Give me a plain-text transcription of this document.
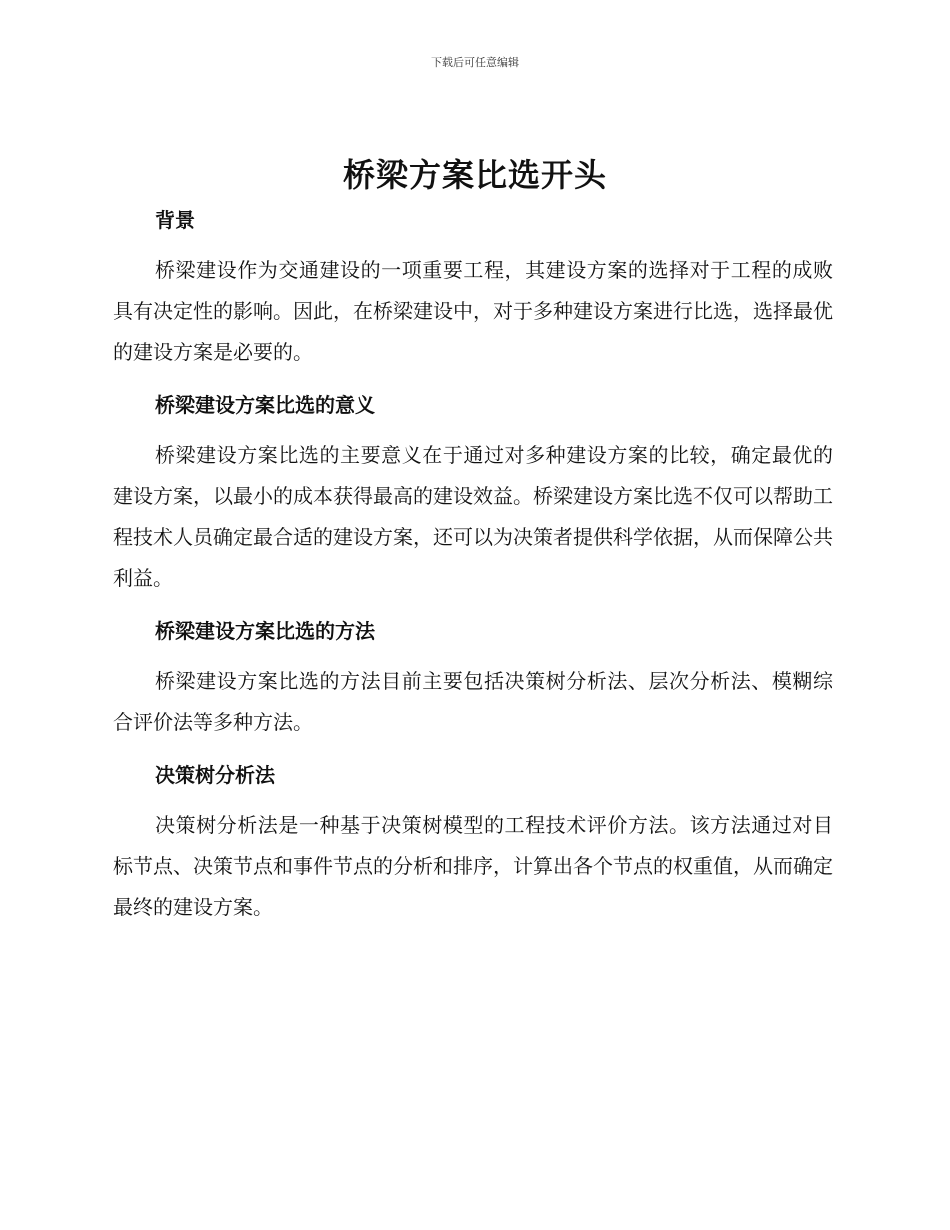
下载后可任意编辑
桥梁方案比选开头
背景

桥梁建设作为交通建设的一项重要工程，其建设方案的选择对于工程的成败具有决定性的影响。因此，在桥梁建设中，对于多种建设方案进行比选，选择最优的建设方案是必要的。

桥梁建设方案比选的意义

桥梁建设方案比选的主要意义在于通过对多种建设方案的比较，确定最优的建设方案，以最小的成本获得最高的建设效益。桥梁建设方案比选不仅可以帮助工程技术人员确定最合适的建设方案，还可以为决策者提供科学依据，从而保障公共利益。

桥梁建设方案比选的方法

桥梁建设方案比选的方法目前主要包括决策树分析法、层次分析法、模糊综合评价法等多种方法。

决策树分析法

决策树分析法是一种基于决策树模型的工程技术评价方法。该方法通过对目标节点、决策节点和事件节点的分析和排序，计算出各个节点的权重值，从而确定最终的建设方案。
